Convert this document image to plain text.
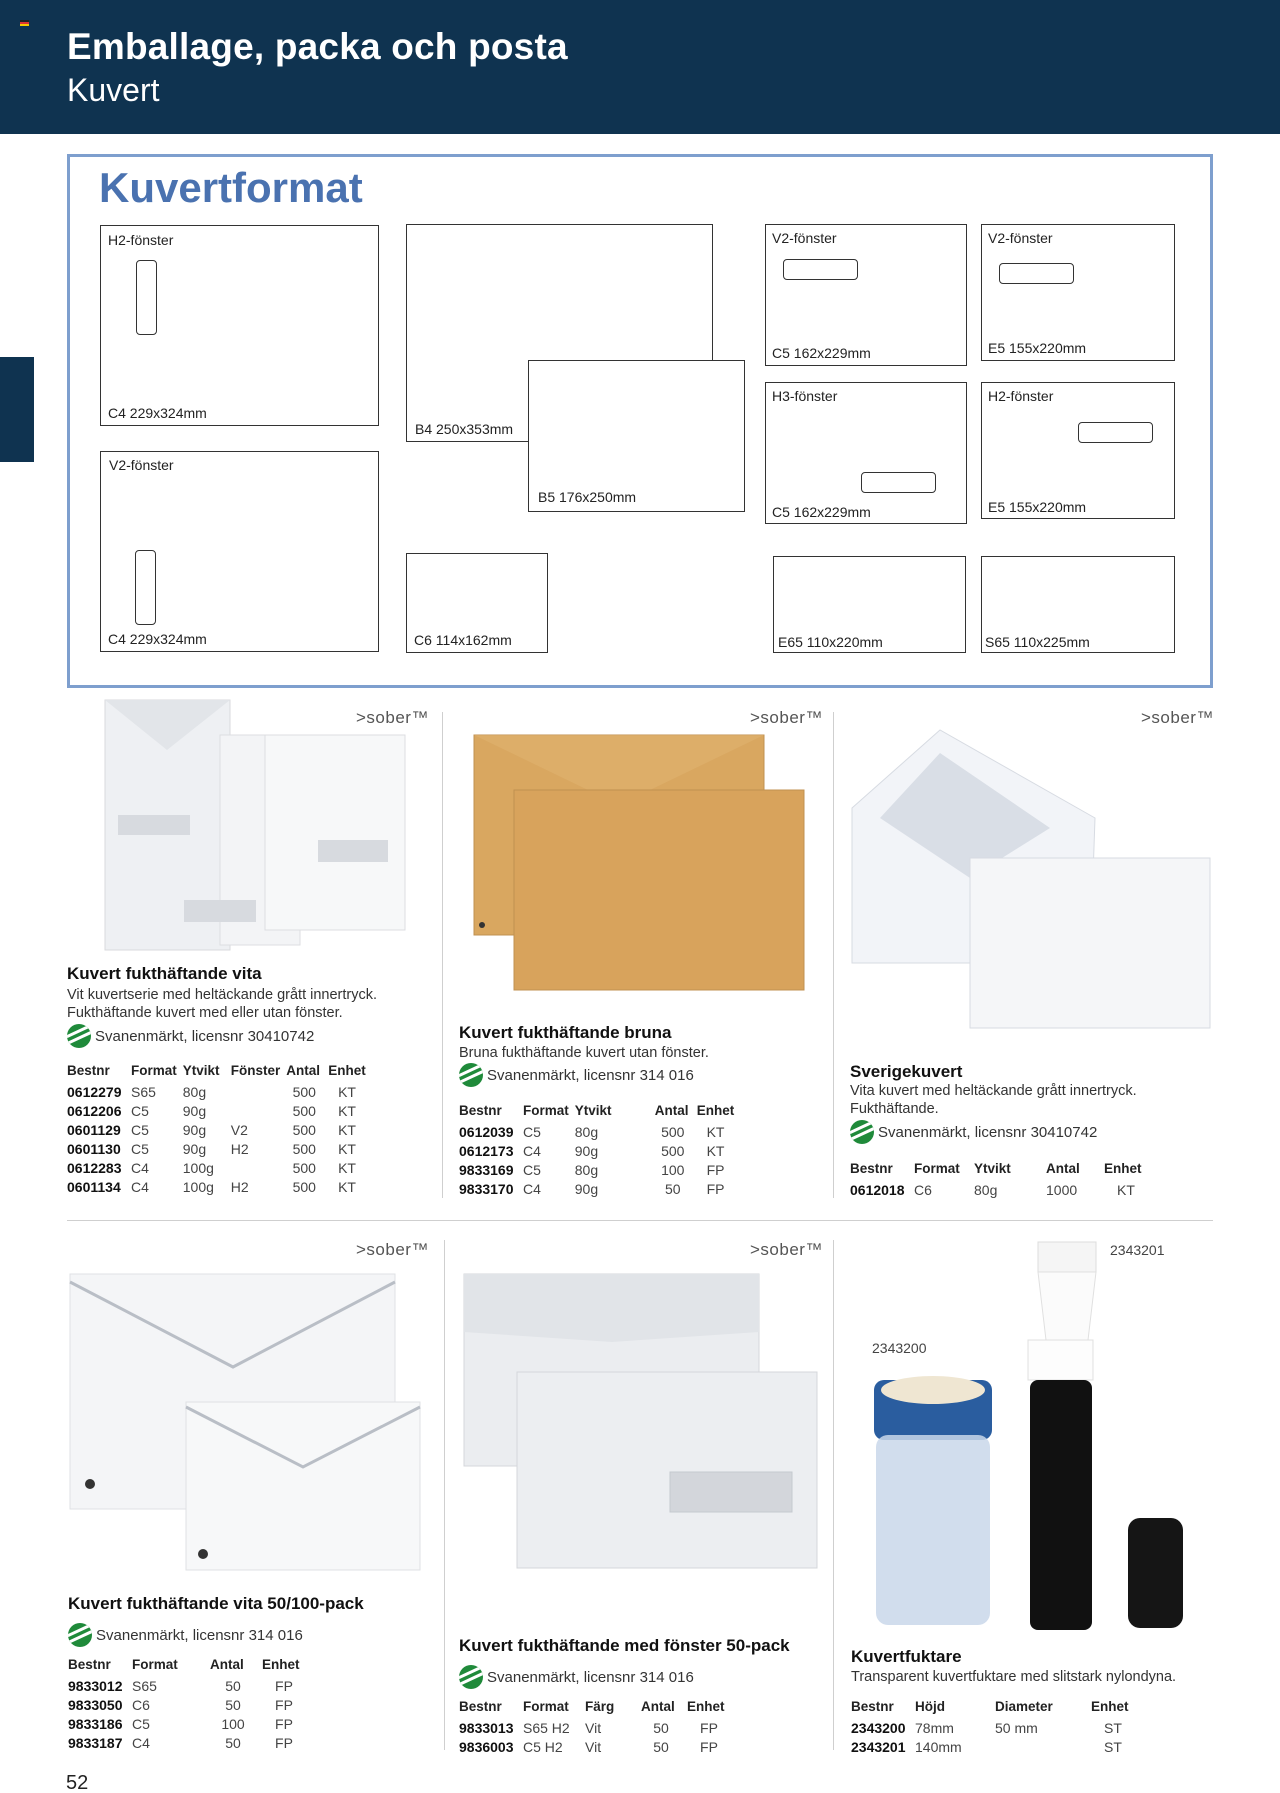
Emballage, packa och posta
Kuvert
Kuvertformat
H2-fönster
C4 229x324mm
B4 250x353mm
B5 176x250mm
V2-fönster
C5 162x229mm
V2-fönster
E5 155x220mm
H3-fönster
C5 162x229mm
H2-fönster
E5 155x220mm
V2-fönster
C4 229x324mm	C6 114x162mm	E65 110x220mm	S65 110x225mm
>sober™
Kuvert fukthäftande vita
Vit kuvertserie med heltäckande grått innertryck.
Fukthäftande kuvert med eller utan fönster.
Svanenmärkt, licensnr 30410742
Bestnr	Format	Ytvikt	Fönster	Antal	Enhet
0612279	S65	80g		500	KT
0612206	C5	90g		500	KT
0601129	C5	90g	V2	500	KT
0601130	C5	90g	H2	500	KT
0612283	C4	100g		500	KT
0601134	C4	100g	H2	500	KT
>sober™
Kuvert fukthäftande bruna
Bruna fukthäftande kuvert utan fönster.
Svanenmärkt, licensnr 314 016
Bestnr	Format	Ytvikt	Antal	Enhet
0612039	C5	80g	500	KT
0612173	C4	90g	500	KT
9833169	C5	80g	100	FP
9833170	C4	90g	50	FP
>sober™
Sverigekuvert
Vita kuvert med heltäckande grått innertryck.
Fukthäftande.
Svanenmärkt, licensnr 30410742
Bestnr	Format	Ytvikt	Antal	Enhet
0612018	C6	80g	1000	KT
>sober™
Kuvert fukthäftande vita 50/100-pack
Svanenmärkt, licensnr 314 016
Bestnr	Format	Antal	Enhet
9833012	S65	50	FP
9833050	C6	50	FP
9833186	C5	100	FP
9833187	C4	50	FP
>sober™
Kuvert fukthäftande med fönster 50-pack
Svanenmärkt, licensnr 314 016
Bestnr	Format	Färg	Antal	Enhet
9833013	S65 H2	Vit	50	FP
9836003	C5 H2	Vit	50	FP
2343201
2343200
Kuvertfuktare
Transparent kuvertfuktare med slitstark nylondyna.
Bestnr	Höjd	Diameter	Enhet
2343200	78mm	50 mm	ST
2343201	140mm		ST
52
